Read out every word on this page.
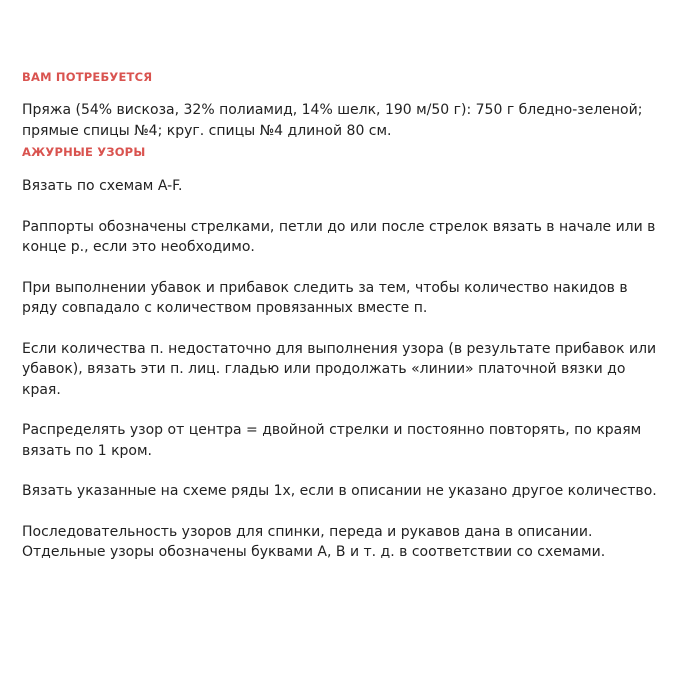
ВАМ ПОТРЕБУЕТСЯ

Пряжа (54% вискоза, 32% полиамид, 14% шелк, 190 м/50 г): 750 г бледно-зеленой; прямые спицы №4; круг. спицы №4 длиной 80 см.

АЖУРНЫЕ УЗОРЫ

Вязать по схемам A-F.

Раппорты обозначены стрелками, петли до или после стрелок вязать в начале или в конце р., если это необходимо.

При выполнении убавок и прибавок следить за тем, чтобы количество накидов в ряду совпадало с количеством провязанных вместе п.

Если количества п. недостаточно для выполнения узора (в результате прибавок или убавок), вязать эти п. лиц. гладью или продолжать «линии» платочной вязки до края.

Распределять узор от центра = двойной стрелки и постоянно повторять, по краям вязать по 1 кром.

Вязать указанные на схеме ряды 1х, если в описании не указано другое количество.

Последовательность узоров для спинки, переда и рукавов дана в описании. Отдельные узоры обозначены буквами А, В и т. д. в соответствии со схемами.
